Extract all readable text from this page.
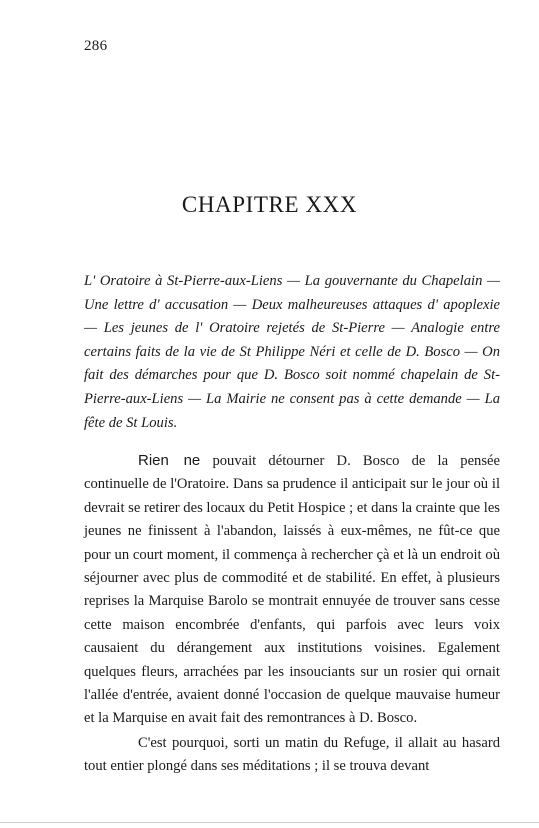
286
CHAPITRE XXX
L' Oratoire à St-Pierre-aux-Liens — La gouvernante du Chapelain — Une lettre d' accusation — Deux malheureuses attaques d' apoplexie — Les jeunes de l' Oratoire rejetés de St-Pierre — Analogie entre certains faits de la vie de St Philippe Néri et celle de D. Bosco — On fait des démarches pour que D. Bosco soit nommé chapelain de St-Pierre-aux-Liens — La Mairie ne consent pas à cette demande — La fête de St Louis.
Rien ne pouvait détourner D. Bosco de la pensée continuelle de l'Oratoire. Dans sa prudence il anticipait sur le jour où il devrait se retirer des locaux du Petit Hospice ; et dans la crainte que les jeunes ne finissent à l'abandon, laissés à eux-mêmes, ne fût-ce que pour un court moment, il commença à rechercher çà et là un endroit où séjourner avec plus de commodité et de stabilité. En effet, à plusieurs reprises la Marquise Barolo se montrait ennuyée de trouver sans cesse cette maison encombrée d'enfants, qui parfois avec leurs voix causaient du dérangement aux institutions voisines. Egalement quelques fleurs, arrachées par les insouciants sur un rosier qui ornait l'allée d'entrée, avaient donné l'occasion de quelque mauvaise humeur et la Marquise en avait fait des remontrances à D. Bosco.
C'est pourquoi, sorti un matin du Refuge, il allait au hasard tout entier plongé dans ses méditations ; il se trouva devant
